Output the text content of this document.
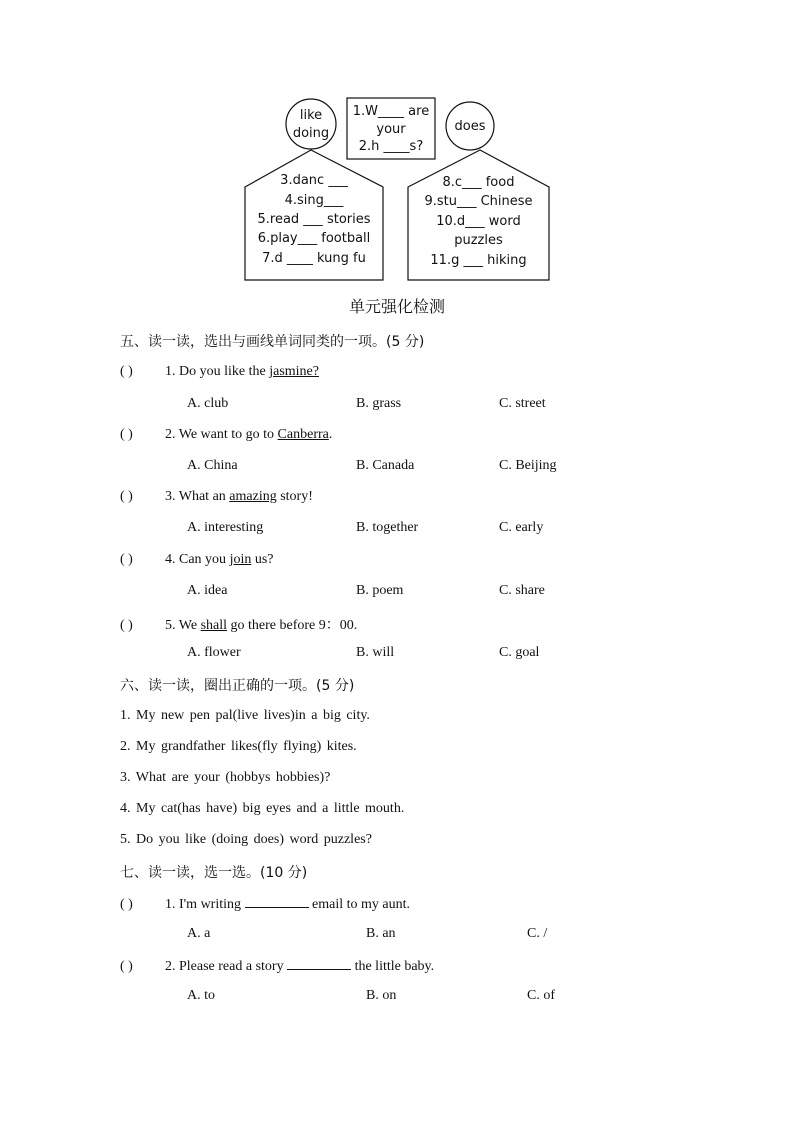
like
doing
1.W____ are
your
2.h ____s?
does
3.danc ___
4.sing___
5.read ___ stories
6.play___ football
7.d ____ kung fu
8.c___ food
9.stu___ Chinese
10.d___ word
puzzles
11.g ___ hiking
单元强化检测
五、读一读，选出与画线单词同类的一项。(5 分)
( ) 1. Do you like the jasmine?
A. club	B. grass	C. street
( ) 2. We want to go to Canberra.
A. China	B. Canada	C. Beijing
( ) 3. What an amazing story!
A. interesting	B. together	C. early
( ) 4. Can you join us?
A. idea	B. poem	C. share
( ) 5. We shall go there before 9：00.
A. flower	B. will	C. goal
六、读一读，圈出正确的一项。(5 分)
1. My new pen pal(live lives)in a big city.
2. My grandfather likes(fly flying) kites.
3. What are your (hobbys hobbies)?
4. My cat(has have) big eyes and a little mouth.
5. Do you like (doing does) word puzzles?
七、读一读，选一选。(10 分)
( ) 1. I'm writing	email to my aunt.
A. a	B. an	C. /
( ) 2. Please read a story	the little baby.
A. to	B. on	C. of
